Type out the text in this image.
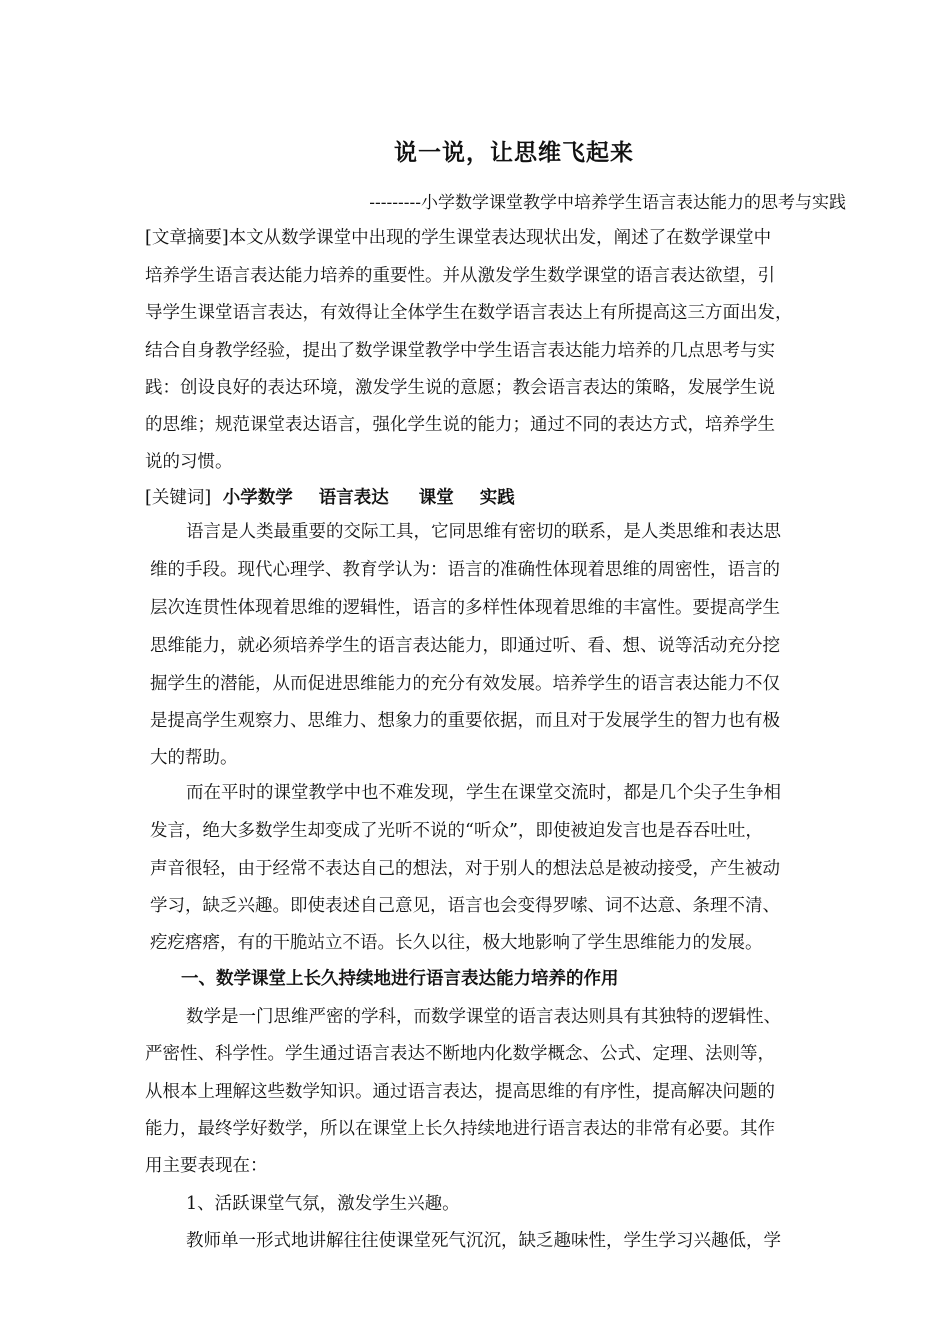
说一说，让思维飞起来
---------小学数学课堂教学中培养学生语言表达能力的思考与实践
[文章摘要]本文从数学课堂中出现的学生课堂表达现状出发，阐述了在数学课堂中
培养学生语言表达能力培养的重要性。并从激发学生数学课堂的语言表达欲望，引
导学生课堂语言表达，有效得让全体学生在数学语言表达上有所提高这三方面出发，
结合自身教学经验，提出了数学课堂教学中学生语言表达能力培养的几点思考与实
践：创设良好的表达环境，激发学生说的意愿；教会语言表达的策略，发展学生说
的思维；规范课堂表达语言，强化学生说的能力；通过不同的表达方式，培养学生
说的习惯。
[关键词] 小学数学 语言表达 课堂 实践
语言是人类最重要的交际工具，它同思维有密切的联系，是人类思维和表达思
维的手段。现代心理学、教育学认为：语言的准确性体现着思维的周密性，语言的
层次连贯性体现着思维的逻辑性，语言的多样性体现着思维的丰富性。要提高学生
思维能力，就必须培养学生的语言表达能力，即通过听、看、想、说等活动充分挖
掘学生的潜能，从而促进思维能力的充分有效发展。培养学生的语言表达能力不仅
是提高学生观察力、思维力、想象力的重要依据，而且对于发展学生的智力也有极
大的帮助。
而在平时的课堂教学中也不难发现，学生在课堂交流时，都是几个尖子生争相
发言，绝大多数学生却变成了光听不说的“听众”，即使被迫发言也是吞吞吐吐，
声音很轻，由于经常不表达自己的想法，对于别人的想法总是被动接受，产生被动
学习，缺乏兴趣。即使表述自己意见，语言也会变得罗嗦、词不达意、条理不清、
疙疙瘩瘩，有的干脆站立不语。长久以往，极大地影响了学生思维能力的发展。
一、数学课堂上长久持续地进行语言表达能力培养的作用
数学是一门思维严密的学科，而数学课堂的语言表达则具有其独特的逻辑性、
严密性、科学性。学生通过语言表达不断地内化数学概念、公式、定理、法则等，
从根本上理解这些数学知识。通过语言表达，提高思维的有序性，提高解决问题的
能力，最终学好数学，所以在课堂上长久持续地进行语言表达的非常有必要。其作
用主要表现在：
1、活跃课堂气氛，激发学生兴趣。
教师单一形式地讲解往往使课堂死气沉沉，缺乏趣味性，学生学习兴趣低，学
